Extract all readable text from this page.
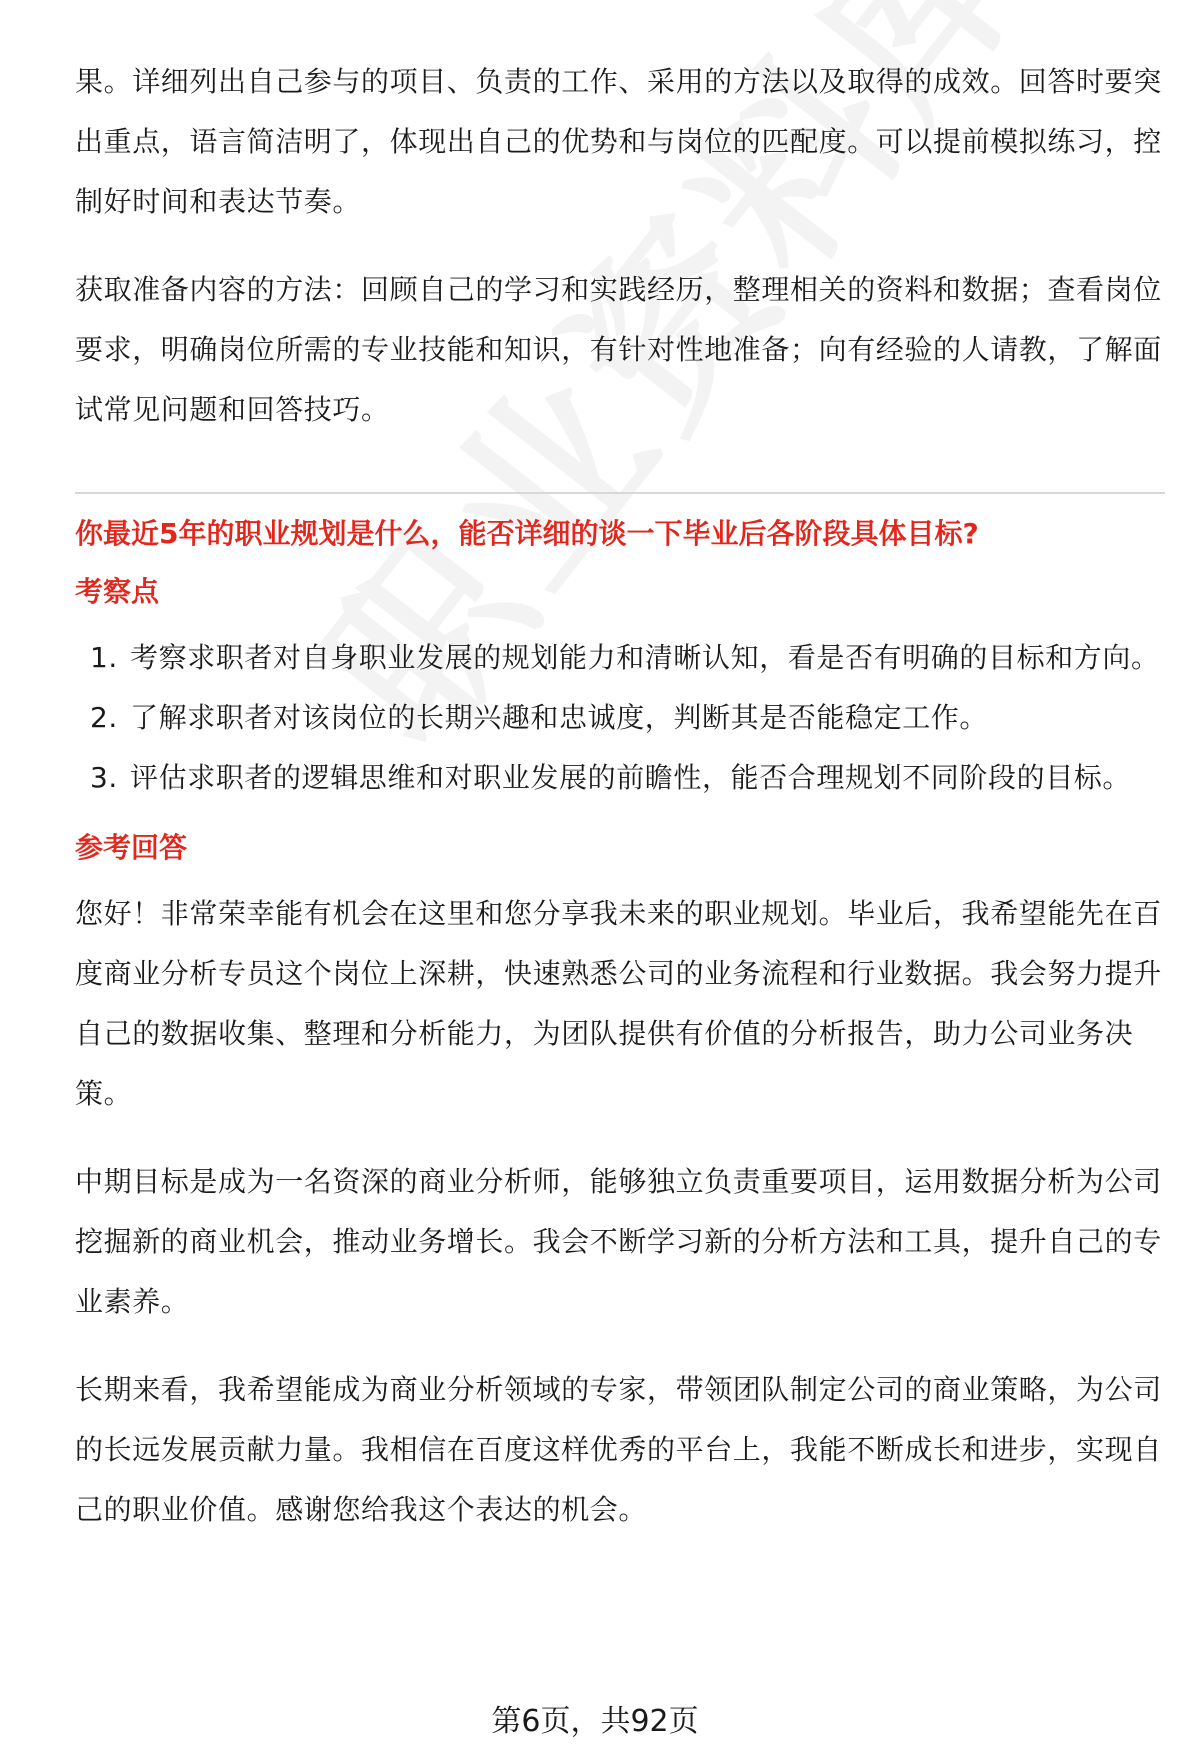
果。详细列出自己参与的项目、负责的工作、采用的方法以及取得的成效。回答时要突出重点，语言简洁明了，体现出自己的优势和与岗位的匹配度。可以提前模拟练习，控制好时间和表达节奏。

获取准备内容的方法：回顾自己的学习和实践经历，整理相关的资料和数据；查看岗位要求，明确岗位所需的专业技能和知识，有针对性地准备；向有经验的人请教，了解面试常见问题和回答技巧。

你最近5年的职业规划是什么，能否详细的谈一下毕业后各阶段具体目标?
考察点
1. 考察求职者对自身职业发展的规划能力和清晰认知，看是否有明确的目标和方向。
2. 了解求职者对该岗位的长期兴趣和忠诚度，判断其是否能稳定工作。
3. 评估求职者的逻辑思维和对职业发展的前瞻性，能否合理规划不同阶段的目标。
参考回答

您好！非常荣幸能有机会在这里和您分享我未来的职业规划。毕业后，我希望能先在百度商业分析专员这个岗位上深耕，快速熟悉公司的业务流程和行业数据。我会努力提升自己的数据收集、整理和分析能力，为团队提供有价值的分析报告，助力公司业务决策。

中期目标是成为一名资深的商业分析师，能够独立负责重要项目，运用数据分析为公司挖掘新的商业机会，推动业务增长。我会不断学习新的分析方法和工具，提升自己的专业素养。

长期来看，我希望能成为商业分析领域的专家，带领团队制定公司的商业策略，为公司的长远发展贡献力量。我相信在百度这样优秀的平台上，我能不断成长和进步，实现自己的职业价值。感谢您给我这个表达的机会。

第6页，共92页
